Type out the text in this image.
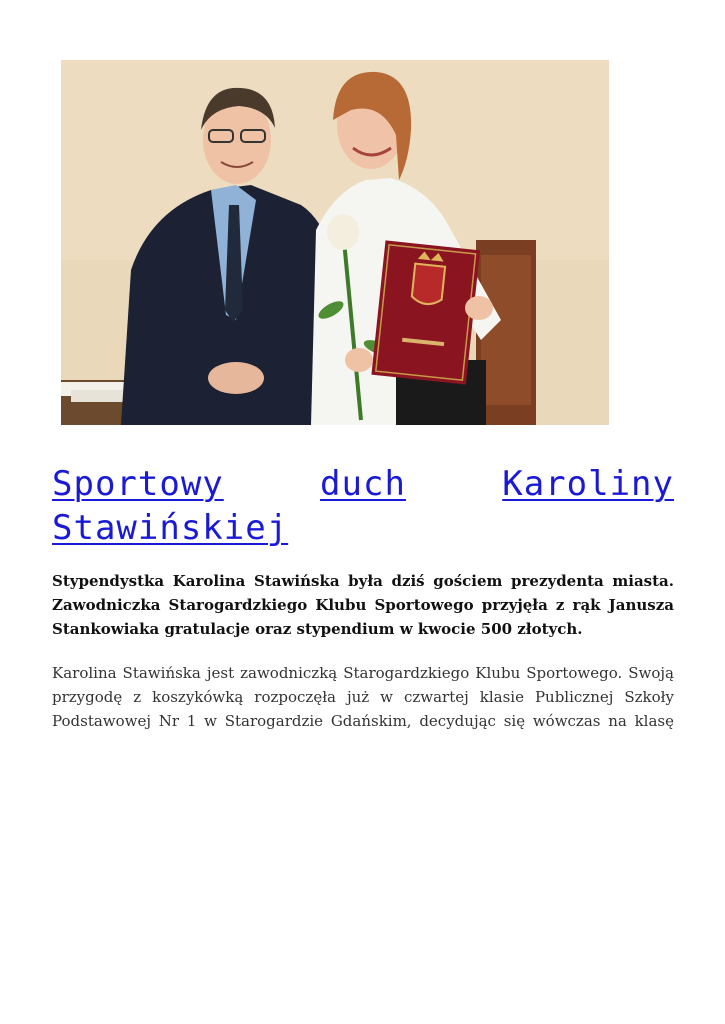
Sportowy	duch	Karoliny
Stawińskiej

Stypendystka Karolina Stawińska była dziś gościem prezydenta miasta. Zawodniczka Starogardzkiego Klubu Sportowego przyjęła z rąk Janusza Stankowiaka gratulacje oraz stypendium w kwocie 500 złotych.

Karolina Stawińska jest zawodniczką Starogardzkiego Klubu Sportowego. Swoją przygodę z koszykówką rozpoczęła już w czwartej klasie Publicznej Szkoły Podstawowej Nr 1 w Starogardzie Gdańskim, decydując się wówczas na klasę
